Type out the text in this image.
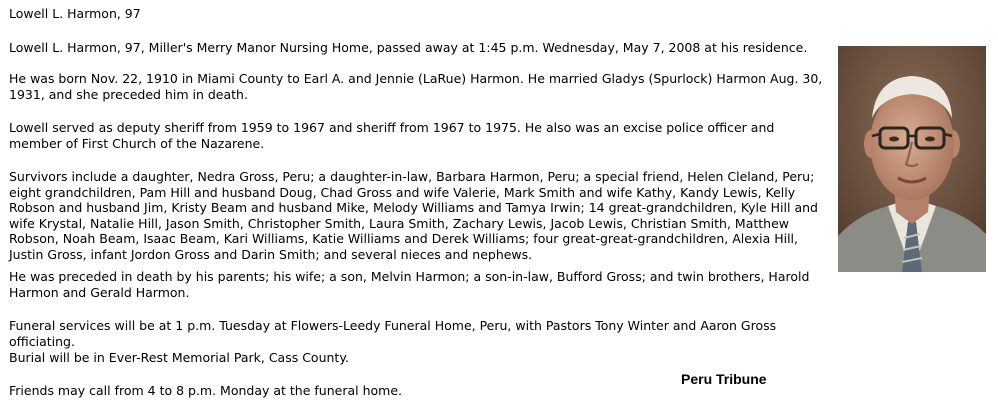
Lowell L. Harmon, 97

Lowell L. Harmon, 97, Miller's Merry Manor Nursing Home, passed away at 1:45 p.m. Wednesday, May 7, 2008 at his residence.

He was born Nov. 22, 1910 in Miami County to Earl A. and Jennie (LaRue) Harmon. He married Gladys (Spurlock) Harmon Aug. 30, 1931, and she preceded him in death.

Lowell served as deputy sheriff from 1959 to 1967 and sheriff from 1967 to 1975. He also was an excise police officer and member of First Church of the Nazarene.

Survivors include a daughter, Nedra Gross, Peru; a daughter-in-law, Barbara Harmon, Peru; a special friend, Helen Cleland, Peru; eight grandchildren, Pam Hill and husband Doug, Chad Gross and wife Valerie, Mark Smith and wife Kathy, Kandy Lewis, Kelly Robson and husband Jim, Kristy Beam and husband Mike, Melody Williams and Tamya Irwin; 14 great-grandchildren, Kyle Hill and wife Krystal, Natalie Hill, Jason Smith, Christopher Smith, Laura Smith, Zachary Lewis, Jacob Lewis, Christian Smith, Matthew Robson, Noah Beam, Isaac Beam, Kari Williams, Katie Williams and Derek Williams; four great-great-grandchildren, Alexia Hill, Justin Gross, infant Jordon Gross and Darin Smith; and several nieces and nephews.

He was preceded in death by his parents; his wife; a son, Melvin Harmon; a son-in-law, Bufford Gross; and twin brothers, Harold Harmon and Gerald Harmon.

Funeral services will be at 1 p.m. Tuesday at Flowers-Leedy Funeral Home, Peru, with Pastors Tony Winter and Aaron Gross officiating.

Burial will be in Ever-Rest Memorial Park, Cass County.

Friends may call from 4 to 8 p.m. Monday at the funeral home.

Peru Tribune
